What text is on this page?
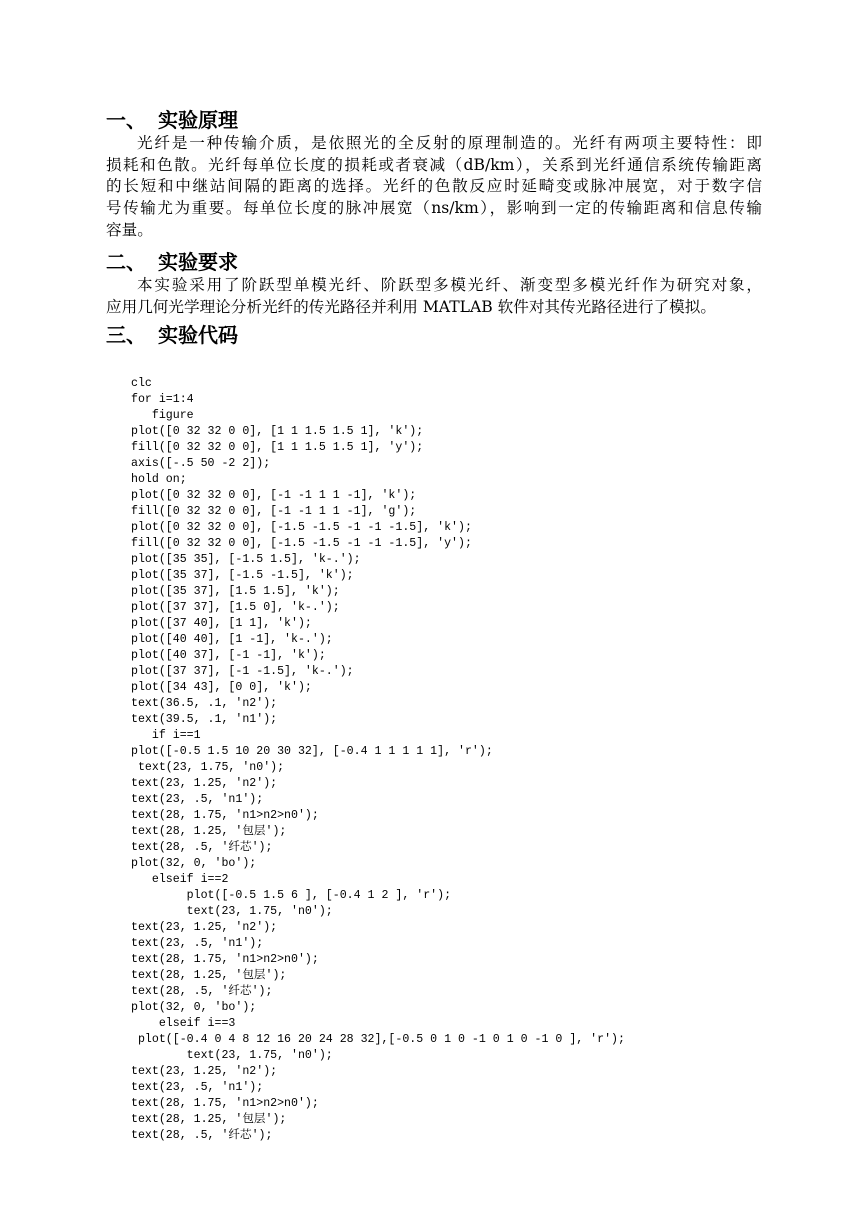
一、 实验原理
光纤是一种传输介质，是依照光的全反射的原理制造的。光纤有两项主要特性：即
损耗和色散。光纤每单位长度的损耗或者衰减（dB/km），关系到光纤通信系统传输距离
的长短和中继站间隔的距离的选择。光纤的色散反应时延畸变或脉冲展宽，对于数字信
号传输尤为重要。每单位长度的脉冲展宽（ns/km），影响到一定的传输距离和信息传输
容量。
二、 实验要求
本实验采用了阶跃型单模光纤、阶跃型多模光纤、渐变型多模光纤作为研究对象，
应用几何光学理论分析光纤的传光路径并利用 MATLAB 软件对其传光路径进行了模拟。
三、 实验代码
clc
for i=1:4
figure
plot([0 32 32 0 0], [1 1 1.5 1.5 1], 'k');
fill([0 32 32 0 0], [1 1 1.5 1.5 1], 'y');
axis([-.5 50 -2 2]);
hold on;
plot([0 32 32 0 0], [-1 -1 1 1 -1], 'k');
fill([0 32 32 0 0], [-1 -1 1 1 -1], 'g');
plot([0 32 32 0 0], [-1.5 -1.5 -1 -1 -1.5], 'k');
fill([0 32 32 0 0], [-1.5 -1.5 -1 -1 -1.5], 'y');
plot([35 35], [-1.5 1.5], 'k-.');
plot([35 37], [-1.5 -1.5], 'k');
plot([35 37], [1.5 1.5], 'k');
plot([37 37], [1.5 0], 'k-.');
plot([37 40], [1 1], 'k');
plot([40 40], [1 -1], 'k-.');
plot([40 37], [-1 -1], 'k');
plot([37 37], [-1 -1.5], 'k-.');
plot([34 43], [0 0], 'k');
text(36.5, .1, 'n2');
text(39.5, .1, 'n1');
if i==1
plot([-0.5 1.5 10 20 30 32], [-0.4 1 1 1 1 1], 'r');
text(23, 1.75, 'n0');
text(23, 1.25, 'n2');
text(23, .5, 'n1');
text(28, 1.75, 'n1>n2>n0');
text(28, 1.25, '包层');
text(28, .5, '纤芯');
plot(32, 0, 'bo');
elseif i==2
plot([-0.5 1.5 6 ], [-0.4 1 2 ], 'r');
text(23, 1.75, 'n0');
text(23, 1.25, 'n2');
text(23, .5, 'n1');
text(28, 1.75, 'n1>n2>n0');
text(28, 1.25, '包层');
text(28, .5, '纤芯');
plot(32, 0, 'bo');
elseif i==3
plot([-0.4 0 4 8 12 16 20 24 28 32],[-0.5 0 1 0 -1 0 1 0 -1 0 ], 'r');
text(23, 1.75, 'n0');
text(23, 1.25, 'n2');
text(23, .5, 'n1');
text(28, 1.75, 'n1>n2>n0');
text(28, 1.25, '包层');
text(28, .5, '纤芯');
